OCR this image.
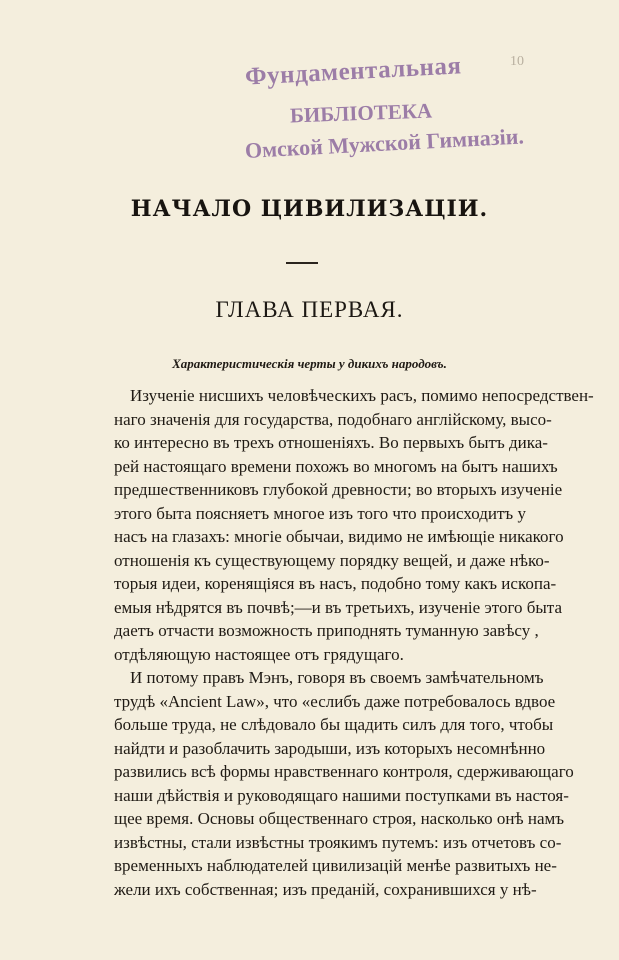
10
Фундаментальная
БИБЛІОТЕКА
Омской Мужской Гимназіи.
НАЧАЛО ЦИВИЛИЗАЦІИ.
ГЛАВА ПЕРВАЯ.
Характеристическія черты у дикихъ народовъ.
Изученіе нисшихъ человѣческихъ расъ, помимо непосредствен-
наго значенія для государства, подобнаго англійскому, высо-
ко интересно въ трехъ отношеніяхъ. Во первыхъ бытъ дика-
рей настоящаго времени похожъ во многомъ на бытъ нашихъ
предшественниковъ глубокой древности; во вторыхъ изученіе
этого быта поясняетъ многое изъ того что происходитъ у
насъ на глазахъ: многіе обычаи, видимо не имѣющіе никакого
отношенія къ существующему порядку вещей, и даже нѣко-
торыя идеи, коренящіяся въ насъ, подобно тому какъ ископа-
емыя нѣдрятся въ почвѣ;—и въ третьихъ, изученіе этого быта
даетъ отчасти возможность приподнять туманную завѣсу ,
отдѣляющую настоящее отъ грядущаго.
И потому правъ Мэнъ, говоря въ своемъ замѣчательномъ
трудѣ «Ancient Law», что «еслибъ даже потребовалось вдвое
больше труда, не слѣдовало бы щадить силъ для того, чтобы
найдти и разоблачить зародыши, изъ которыхъ несомнѣнно
развились всѣ формы нравственнаго контроля, сдерживающаго
наши дѣйствія и руководящаго нашими поступками въ настоя-
щее время. Основы общественнаго строя, насколько онѣ намъ
извѣстны, стали извѣстны троякимъ путемъ: изъ отчетовъ со-
временныхъ наблюдателей цивилизацій менѣе развитыхъ не-
жели ихъ собственная; изъ преданій, сохранившихся у нѣ-
